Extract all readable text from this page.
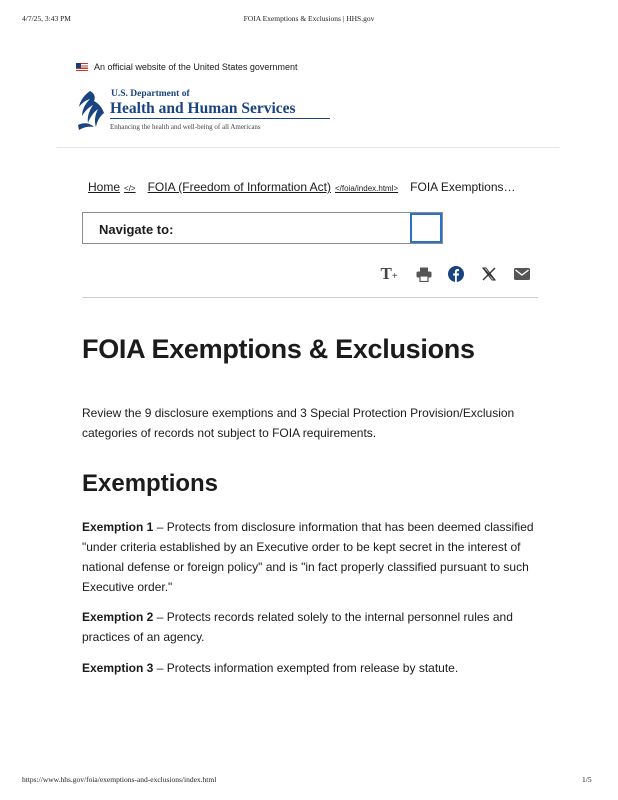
4/7/25, 3:43 PM	FOIA Exemptions & Exclusions | HHS.gov
An official website of the United States government
U.S. Department of
Health and Human Services
Enhancing the health and well-being of all Americans
Home </> FOIA (Freedom of Information Act) </foia/index.html> FOIA Exemptions…
Navigate to:
T +
FOIA Exemptions & Exclusions

Review the 9 disclosure exemptions and 3 Special Protection Provision/Exclusion categories of records not subject to FOIA requirements.

Exemptions

Exemption 1 – Protects from disclosure information that has been deemed classified "under criteria established by an Executive order to be kept secret in the interest of national defense or foreign policy" and is "in fact properly classified pursuant to such Executive order."

Exemption 2 – Protects records related solely to the internal personnel rules and practices of an agency.

Exemption 3 – Protects information exempted from release by statute.

https://www.hhs.gov/foia/exemptions-and-exclusions/index.html	1/5
